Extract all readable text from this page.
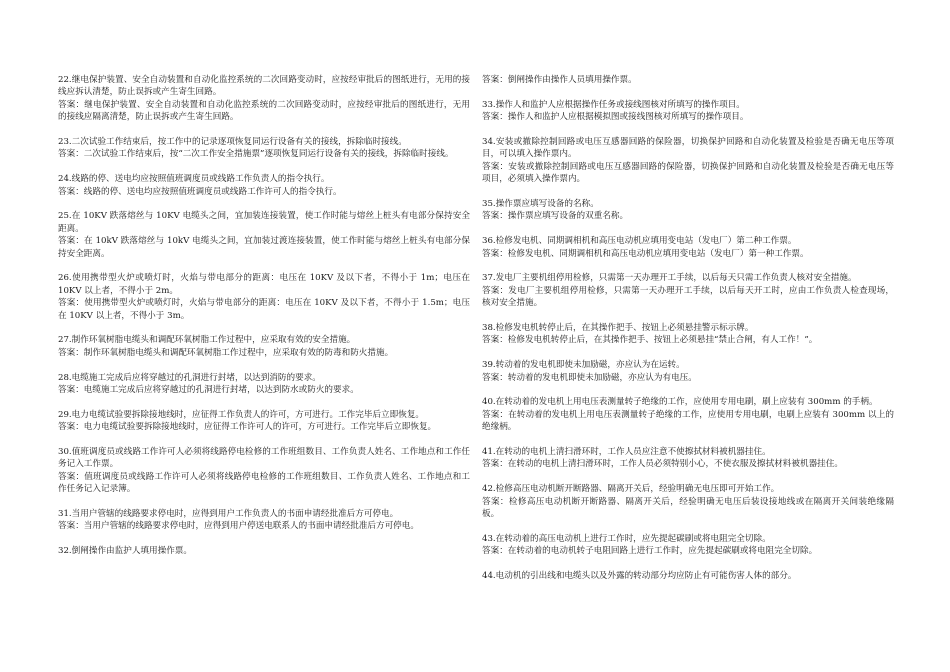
22.继电保护装置、安全自动装置和自动化监控系统的二次回路变动时，应按经审批后的图纸进行，无用的接线应拆认清楚，防止误拆或产生寄生回路。

答案：继电保护装置、安全自动装置和自动化监控系统的二次回路变动时，应按经审批后的图纸进行，无用的接线应隔离清楚，防止误拆或产生寄生回路。

23.二次试验工作结束后，按工作中的记录逐项恢复同运行设备有关的接线，拆除临时接线。

答案：二次试验工作结束后，按“二次工作安全措施票”逐项恢复同运行设备有关的接线，拆除临时接线。

24.线路的停、送电均应按照值班调度员或线路工作负责人的指令执行。

答案：线路的停、送电均应按照值班调度员或线路工作许可人的指令执行。

25.在 10KV 跌落熔丝与 10KV 电缆头之间，宜加装连接装置，使工作时能与熔丝上桩头有电部分保持安全距离。

答案：在 10kV 跌落熔丝与 10kV 电缆头之间，宜加装过渡连接装置，使工作时能与熔丝上桩头有电部分保持安全距离。

26.使用携带型火炉或喷灯时，火焰与带电部分的距离：电压在 10KV 及以下者，不得小于 1m；电压在 10KV 以上者，不得小于 2m。

答案：使用携带型火炉或喷灯时，火焰与带电部分的距离：电压在 10KV 及以下者，不得小于 1.5m；电压在 10KV 以上者，不得小于 3m。

27.制作环氧树脂电缆头和调配环氧树脂工作过程中，应采取有效的安全措施。

答案：制作环氧树脂电缆头和调配环氧树脂工作过程中，应采取有效的防毒和防火措施。

28.电缆施工完成后应将穿越过的孔洞进行封堵，以达到消防的要求。

答案：电缆施工完成后应将穿越过的孔洞进行封堵，以达到防水或防火的要求。

29.电力电缆试验要拆除接地线时，应征得工作负责人的许可，方可进行。工作完毕后立即恢复。

答案：电力电缆试验要拆除接地线时，应征得工作许可人的许可，方可进行。工作完毕后立即恢复。

30.值班调度员或线路工作许可人必须将线路停电检修的工作班组数目、工作负责人姓名、工作地点和工作任务记入工作票。

答案：值班调度员或线路工作许可人必须将线路停电检修的工作班组数目、工作负责人姓名、工作地点和工作任务记入记录簿。

31.当用户管辖的线路要求停电时，应得到用户工作负责人的书面申请经批准后方可停电。

答案：当用户管辖的线路要求停电时，应得到用户停送电联系人的书面申请经批准后方可停电。

32.倒闸操作由监护人填用操作票。

答案：倒闸操作由操作人员填用操作票。

33.操作人和监护人应根据操作任务或接线图核对所填写的操作项目。

答案：操作人和监护人应根据模拟图或接线图核对所填写的操作项目。

34.安装或撤除控制回路或电压互感器回路的保险器，切换保护回路和自动化装置及检验是否确无电压等项目，可以填入操作票内。

答案：安装或撤除控制回路或电压互感器回路的保险器，切换保护回路和自动化装置及检验是否确无电压等项目，必须填入操作票内。

35.操作票应填写设备的名称。

答案：操作票应填写设备的双重名称。

36.检修发电机、同期调相机和高压电动机应填用变电站（发电厂）第二种工作票。

答案：检修发电机、同期调相机和高压电动机应填用变电站（发电厂）第一种工作票。

37.发电厂主要机组停用检修，只需第一天办理开工手续，以后每天只需工作负责人核对安全措施。

答案：发电厂主要机组停用检修，只需第一天办理开工手续，以后每天开工时，应由工作负责人检查现场，核对安全措施。

38.检修发电机转停止后，在其操作把手、按钮上必须悬挂警示标示牌。

答案：检修发电机转停止后，在其操作把手、按钮上必须悬挂“禁止合闸，有人工作！”。

39.转动着的发电机即使未加励磁，亦应认为在运转。

答案：转动着的发电机即使未加励磁，亦应认为有电压。

40.在转动着的发电机上用电压表测量转子绝缘的工作，应使用专用电刷，刷上应装有 300mm 的手柄。

答案：在转动着的发电机上用电压表测量转子绝缘的工作，应使用专用电刷，电刷上应装有 300mm 以上的绝缘柄。

41.在转动的电机上清扫滑环时，工作人员应注意不使擦拭材料被机器挂住。

答案：在转动的电机上清扫滑环时，工作人员必须特别小心，不使衣服及擦拭材料被机器挂住。

42.检修高压电动机断开断路器、隔离开关后，经验明确无电压即可开始工作。

答案：检修高压电动机断开断路器、隔离开关后，经验明确无电压后装设接地线或在隔离开关间装绝缘隔板。

43.在转动着的高压电动机上进行工作时，应先提起碳刷或将电阻完全切除。

答案：在转动着的电动机转子电阻回路上进行工作时，应先提起碳刷或将电阻完全切除。

44.电动机的引出线和电缆头以及外露的转动部分均应防止有可能伤害人体的部分。
